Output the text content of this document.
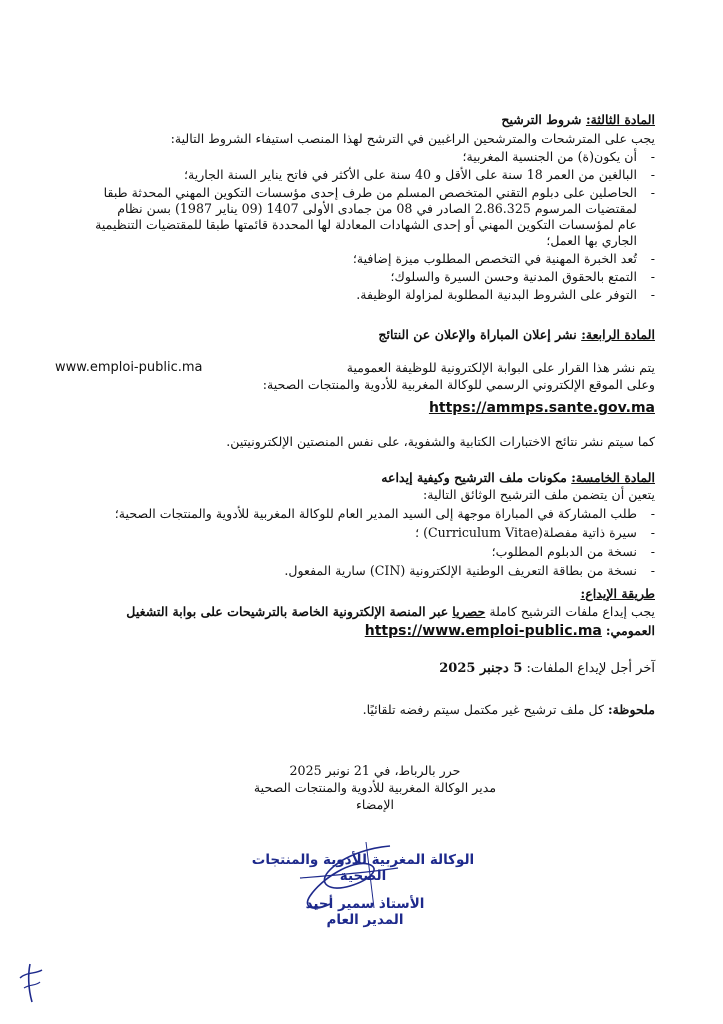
المادة الثالثة: شروط الترشيح
يجب على المترشحات والمترشحين الراغبين في الترشح لهذا المنصب استيفاء الشروط التالية:
-
أن يكون(ة) من الجنسية المغربية؛
-
البالغين من العمر 18 سنة على الأقل و 40 سنة على الأكثر في فاتح يناير السنة الجارية؛
-
الحاصلين على دبلوم التقني المتخصص المسلم من طرف إحدى مؤسسات التكوين المهني المحدثة طبقا
لمقتضيات المرسوم 2.86.325 الصادر في 08 من جمادى الأولى 1407 (09 يناير 1987) بسن نظام
عام لمؤسسات التكوين المهني أو إحدى الشهادات المعادلة لها المحددة قائمتها طبقا للمقتضيات التنظيمية
الجاري بها العمل؛
-
تُعد الخبرة المهنية في التخصص المطلوب ميزة إضافية؛
-
التمتع بالحقوق المدنية وحسن السيرة والسلوك؛
-
التوفر على الشروط البدنية المطلوبة لمزاولة الوظيفة.
المادة الرابعة: نشر إعلان المباراة والإعلان عن النتائج
يتم نشر هذا القرار على البوابة الإلكترونية للوظيفة العمومية
www.emploi-public.ma
وعلى الموقع الإلكتروني الرسمي للوكالة المغربية للأدوية والمنتجات الصحية:
https://ammps.sante.gov.ma
كما سيتم نشر نتائج الاختبارات الكتابية والشفوية، على نفس المنصتين الإلكترونيتين.
المادة الخامسة: مكونات ملف الترشيح وكيفية إيداعه
يتعين أن يتضمن ملف الترشيح الوثائق التالية:
-
طلب المشاركة في المباراة موجهة إلى السيد المدير العام للوكالة المغربية للأدوية والمنتجات الصحية؛
-
سيرة ذاتية مفصلة(Curriculum Vitae) ؛
-
نسخة من الدبلوم المطلوب؛
-
نسخة من بطاقة التعريف الوطنية الإلكترونية (CIN) سارية المفعول.
طريقة الإيداع:
يجب إيداع ملفات الترشيح كاملة حصريا عبر المنصة الإلكترونية الخاصة بالترشيحات على بوابة التشغيل
العمومي: https://www.emploi-public.ma
آخر أجل لإيداع الملفات: 5 دجنبر 2025
ملحوظة: كل ملف ترشيح غير مكتمل سيتم رفضه تلقائيًا.
حرر بالرباط، في 21 نونبر 2025
مدير الوكالة المغربية للأدوية والمنتجات الصحية
الإمضاء
الوكالة المغربية للأدوية والمنتجات
الصحية
الأستاذ سمير أحيد
المدير العام
